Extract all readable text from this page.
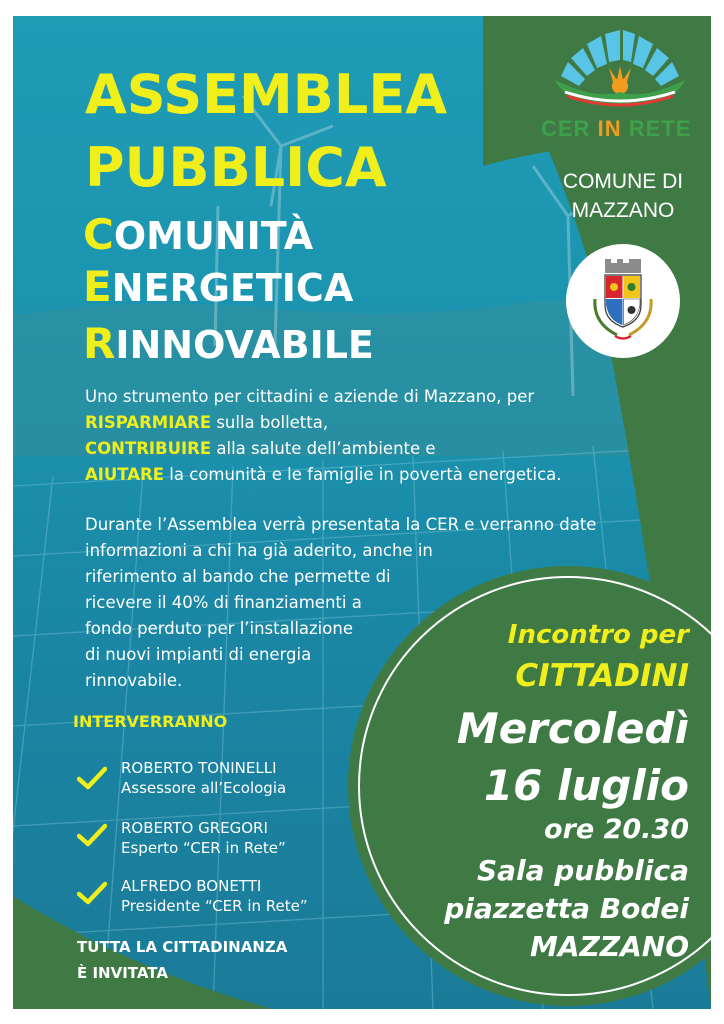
ASSEMBLEA
PUBBLICA
COMUNITÀ
ENERGETICA
RINNOVABILE
Uno strumento per cittadini e aziende di Mazzano, per
RISPARMIARE sulla bolletta,
CONTRIBUIRE alla salute dell’ambiente e
AIUTARE la comunità e le famiglie in povertà energetica.
Durante l’Assemblea verrà presentata la CER e verranno date
informazioni a chi ha già aderito, anche in
riferimento al bando che permette di
ricevere il 40% di finanziamenti a
fondo perduto per l’installazione
di nuovi impianti di energia
rinnovabile.
INTERVERRANNO
ROBERTO TONINELLI
Assessore all’Ecologia
ROBERTO GREGORI
Esperto “CER in Rete”
ALFREDO BONETTI
Presidente “CER in Rete”
TUTTA LA CITTADINANZA
È INVITATA
Incontro per
CITTADINI
Mercoledì
16 luglio
ore 20.30
Sala pubblica
piazzetta Bodei
MAZZANO
CER IN RETE
COMUNE DI
MAZZANO
